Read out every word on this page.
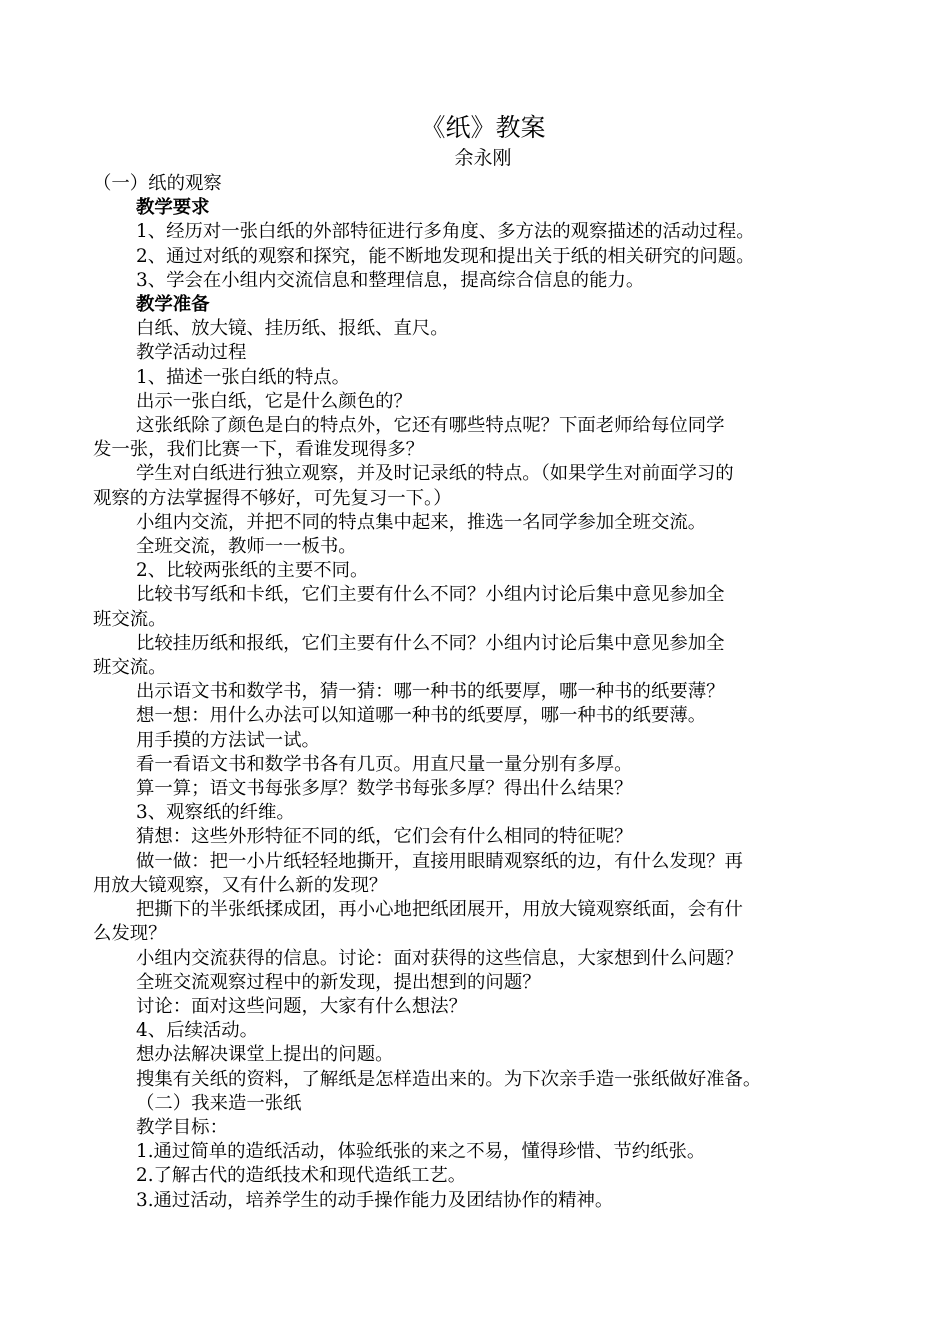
《纸》教案
余永刚
（一）纸的观察
教学要求
1、经历对一张白纸的外部特征进行多角度、多方法的观察描述的活动过程。
2、通过对纸的观察和探究，能不断地发现和提出关于纸的相关研究的问题。
3、学会在小组内交流信息和整理信息，提高综合信息的能力。
教学准备
白纸、放大镜、挂历纸、报纸、直尺。
教学活动过程
1、描述一张白纸的特点。
出示一张白纸，它是什么颜色的？
这张纸除了颜色是白的特点外，它还有哪些特点呢？下面老师给每位同学
发一张，我们比赛一下，看谁发现得多？
学生对白纸进行独立观察，并及时记录纸的特点。（如果学生对前面学习的
观察的方法掌握得不够好，可先复习一下。）
小组内交流，并把不同的特点集中起来，推选一名同学参加全班交流。
全班交流，教师一一板书。
2、比较两张纸的主要不同。
比较书写纸和卡纸，它们主要有什么不同？小组内讨论后集中意见参加全
班交流。
比较挂历纸和报纸，它们主要有什么不同？小组内讨论后集中意见参加全
班交流。
出示语文书和数学书，猜一猜：哪一种书的纸要厚，哪一种书的纸要薄？
想一想：用什么办法可以知道哪一种书的纸要厚，哪一种书的纸要薄。
用手摸的方法试一试。
看一看语文书和数学书各有几页。用直尺量一量分别有多厚。
算一算；语文书每张多厚？数学书每张多厚？得出什么结果？
3、观察纸的纤维。
猜想：这些外形特征不同的纸，它们会有什么相同的特征呢？
做一做：把一小片纸轻轻地撕开，直接用眼睛观察纸的边，有什么发现？再
用放大镜观察，又有什么新的发现？
把撕下的半张纸揉成团，再小心地把纸团展开，用放大镜观察纸面，会有什
么发现？
小组内交流获得的信息。讨论：面对获得的这些信息，大家想到什么问题？
全班交流观察过程中的新发现，提出想到的问题？
讨论：面对这些问题，大家有什么想法？
4、后续活动。
想办法解决课堂上提出的问题。
搜集有关纸的资料，了解纸是怎样造出来的。为下次亲手造一张纸做好准备。
（二）我来造一张纸
教学目标：
1.通过简单的造纸活动，体验纸张的来之不易，懂得珍惜、节约纸张。
2.了解古代的造纸技术和现代造纸工艺。
3.通过活动，培养学生的动手操作能力及团结协作的精神。
